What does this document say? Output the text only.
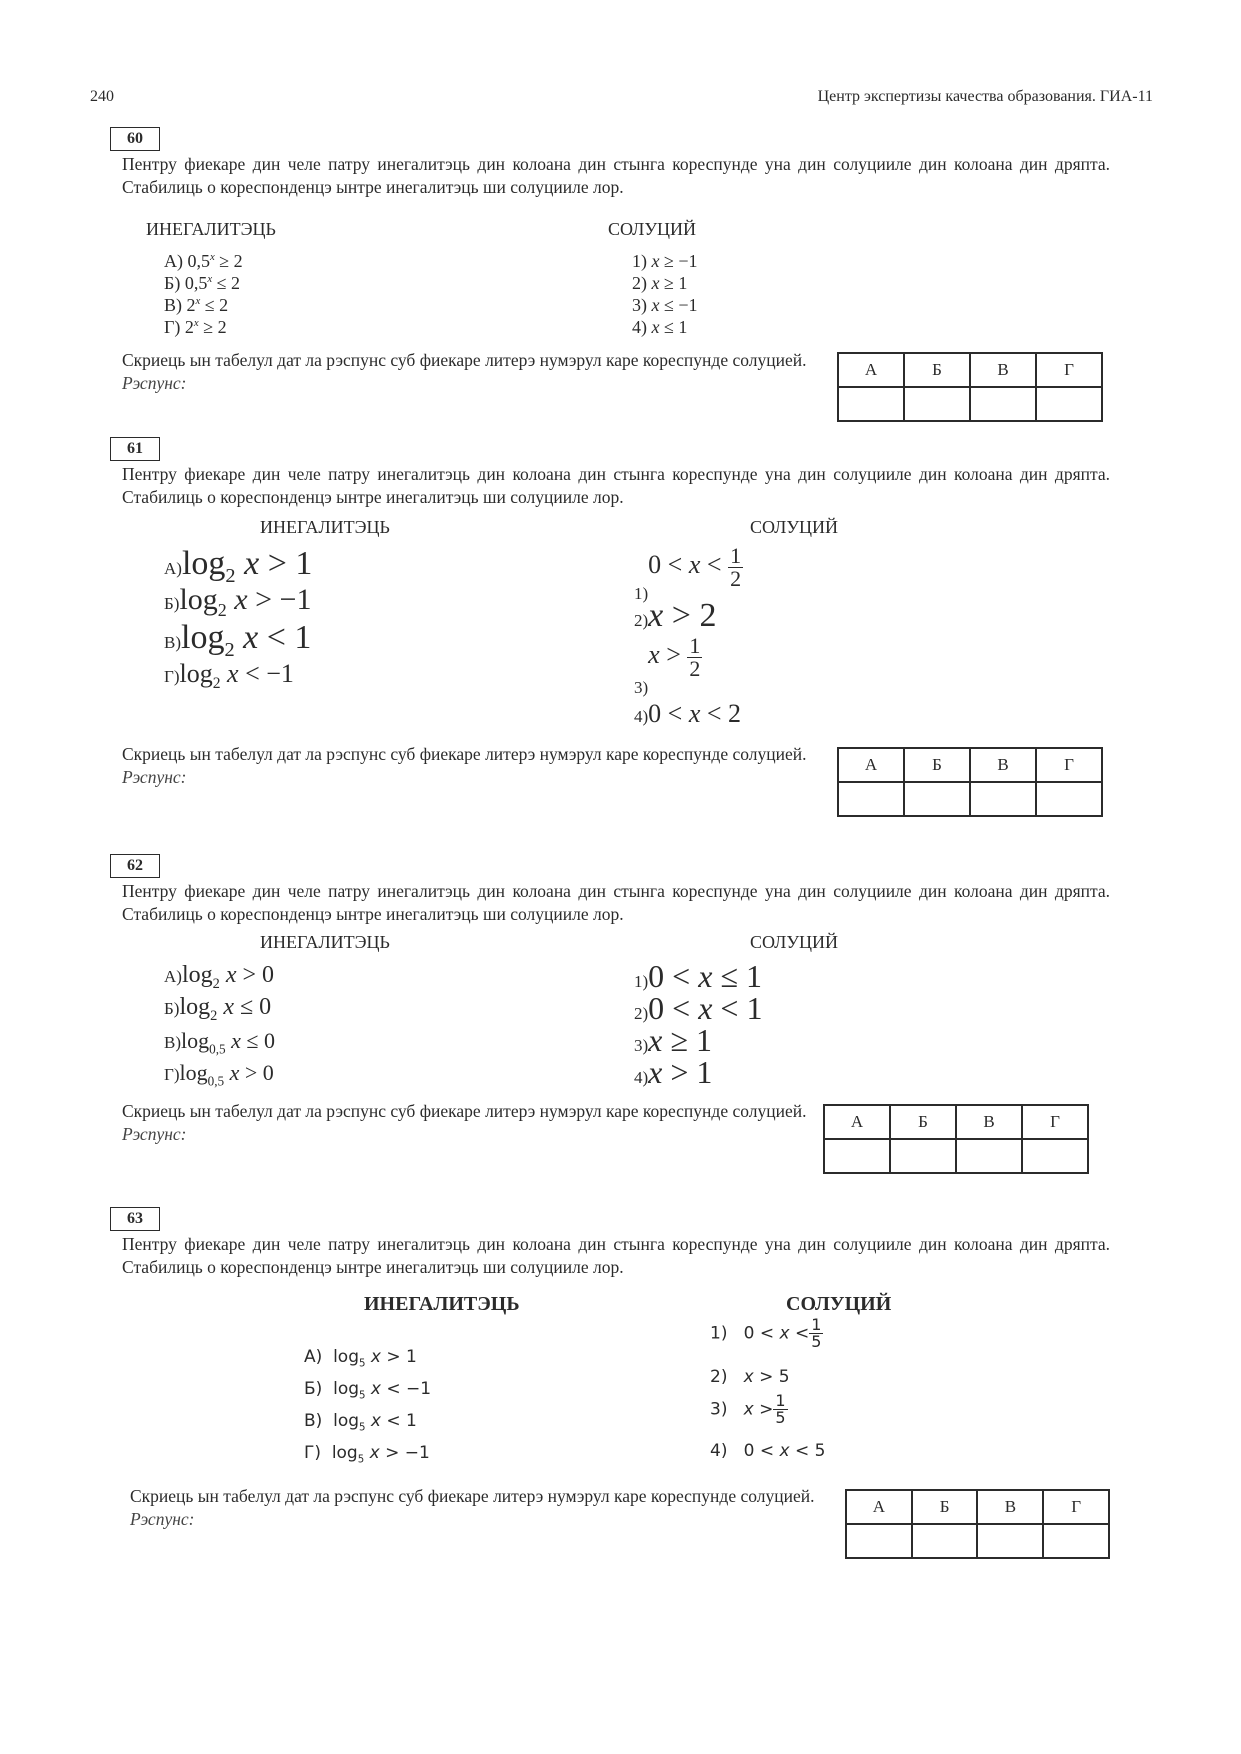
240	Центр экспертизы качества образования. ГИА-11
60
Пентру фиекаре дин челе патру инегалитэць дин колоана дин стынга кореспунде уна дин солуцииле дин колоана дин дряпта. Стабилиць о кореспонденцэ ынтре инегалитэць ши солуцииле лор.
ИНЕГАЛИТЭЦЬ	СОЛУЦИЙ
А) $0,5^x \ge 2$
Б) $0,5^x \le 2$
В) $2^x \le 2$
Г) $2^x \ge 2$
1) x ≥ −1
2) x ≥ 1
3) x ≤ −1
4) x ≤ 1
Скриець ын табелул дат ла рэспунс суб фиекаре литерэ нумэрул каре кореспунде солуцией. Рэспунс:
А	Б	В	Г

61
Пентру фиекаре дин челе патру инегалитэць дин колоана дин стынга кореспунде уна дин солуцииле дин колоана дин дряпта. Стабилиць о кореспонденцэ ынтре инегалитэць ши солуцииле лор.
ИНЕГАЛИТЭЦЬ	СОЛУЦИЙ
$А)\log_2$ x > 1
$Б)\log_2$ x > −1
$В)\log_2$ x < 1
$Г)\log_2$ x < −1
$1)0 < x < \frac{1}{2}$
2)x > 2
$3)x > \frac{1}{2}$
4)0 < x < 2
Скриець ын табелул дат ла рэспунс суб фиекаре литерэ нумэрул каре кореспунде солуцией. Рэспунс:
А	Б	В	Г

62
Пентру фиекаре дин челе патру инегалитэць дин колоана дин стынга кореспунде уна дин солуцииле дин колоана дин дряпта. Стабилиць о кореспонденцэ ынтре инегалитэць ши солуцииле лор.
ИНЕГАЛИТЭЦЬ	СОЛУЦИЙ
$А)\log_2$ x > 0
$Б)\log_2$ x ≤ 0
$В)\log_{0,5}$ x ≤ 0
$Г)\log_{0,5}$ x > 0
1)0 < x ≤ 1
2)0 < x < 1
3)x ≥ 1
4)x > 1
Скриець ын табелул дат ла рэспунс суб фиекаре литерэ нумэрул каре кореспунде солуцией. Рэспунс:
А	Б	В	Г

63
Пентру фиекаре дин челе патру инегалитэць дин колоана дин стынга кореспунде уна дин солуцииле дин колоана дин дряпта. Стабилиць о кореспонденцэ ынтре инегалитэць ши солуцииле лор.
ИНЕГАЛИТЭЦЬ	СОЛУЦИЙ
А) $\log_5 x > 1$
Б) $\log_5 x < -1$
В) $\log_5 x < 1$
Г) $\log_5 x > -1$
1) $0 < x < \frac{1}{5}$
2) x > 5
3) $x > \frac{1}{5}$
4) 0 < x < 5
Скриець ын табелул дат ла рэспунс суб фиекаре литерэ нумэрул каре кореспунде солуцией. Рэспунс:
А	Б	В	Г
